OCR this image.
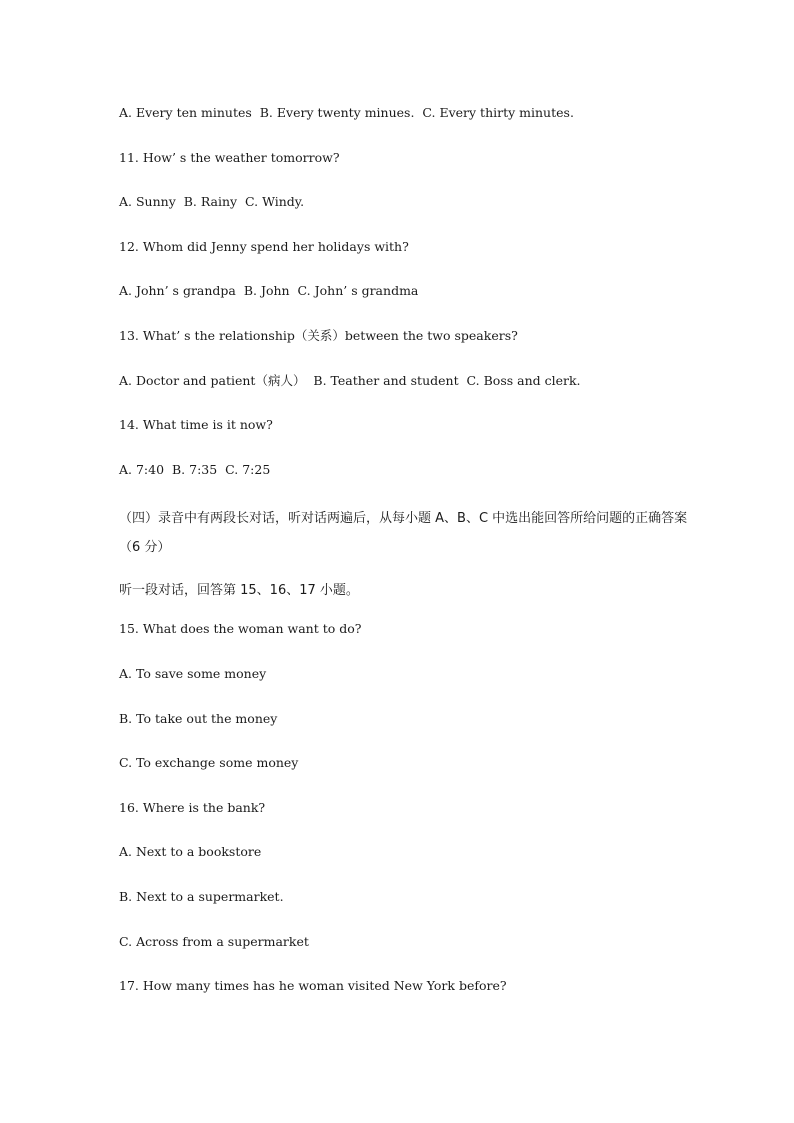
A. Every ten minutes  B. Every twenty minues.  C. Every thirty minutes.
11. How’ s the weather tomorrow?
A. Sunny  B. Rainy  C. Windy.
12. Whom did Jenny spend her holidays with?
A. John’ s grandpa  B. John  C. John’ s grandma
13. What’ s the relationship（关系）between the two speakers?
A. Doctor and patient（病人）  B. Teather and student  C. Boss and clerk.
14. What time is it now?
A. 7:40  B. 7:35  C. 7:25
（四）录音中有两段长对话，听对话两遍后，从每小题 A、B、C 中选出能回答所给问题的正确答案（6 分）
听一段对话，回答第 15、16、17 小题。
15. What does the woman want to do?
A. To save some money
B. To take out the money
C. To exchange some money
16. Where is the bank?
A. Next to a bookstore
B. Next to a supermarket.
C. Across from a supermarket
17. How many times has he woman visited New York before?
